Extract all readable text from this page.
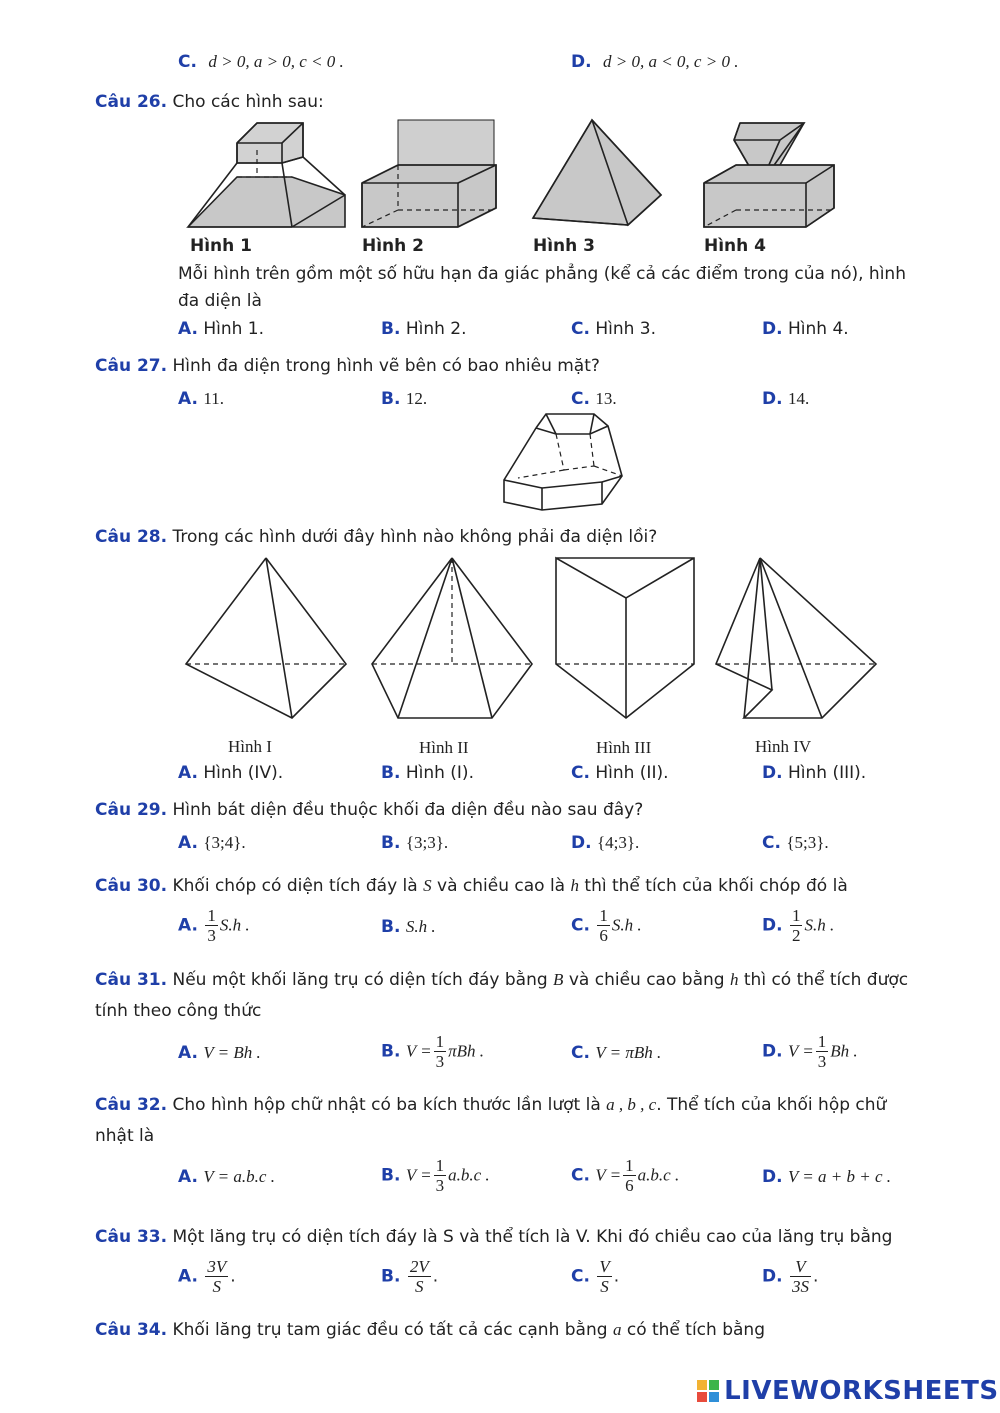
C. d > 0, a > 0, c < 0 .	D. d > 0, a < 0, c > 0 .
Câu 26. Cho các hình sau:
Hình 1	Hình 2	Hình 3	Hình 4
Mỗi hình trên gồm một số hữu hạn đa giác phẳng (kể cả các điểm trong của nó), hình
đa diện là
A. Hình 1.	B. Hình 2.	C. Hình 3.	D. Hình 4.
Câu 27. Hình đa diện trong hình vẽ bên có bao nhiêu mặt?
A. 11.	B. 12.	C. 13.	D. 14.
Câu 28. Trong các hình dưới đây hình nào không phải đa diện lồi?
Hình I	Hình II	Hình III	Hình IV
A. Hình (IV).	B. Hình (I).	C. Hình (II).	D. Hình (III).
Câu 29. Hình bát diện đều thuộc khối đa diện đều nào sau đây?
A. {3;4}.	B. {3;3}.	D. {4;3}.	C. {5;3}.
Câu 30. Khối chóp có diện tích đáy là S và chiều cao là h thì thể tích của khối chóp đó là
A. $\frac{1}{3} S.h$ .	B. S.h .	C. $\frac{1}{6} S.h$ .	D. $\frac{1}{2} S.h$ .
Câu 31. Nếu một khối lăng trụ có diện tích đáy bằng B và chiều cao bằng h thì có thể tích được
tính theo công thức
A. V = Bh .	B. $V = \frac{1}{3}$ πBh .	C. V = πBh .	D. $V = \frac{1}{3}$ Bh .
Câu 32. Cho hình hộp chữ nhật có ba kích thước lần lượt là a , b , c. Thể tích của khối hộp chữ
nhật là
A. V = a.b.c .	B. $V = \frac{1}{3} a.b.c$ .	C. $V = \frac{1}{6} a.b.c$ .	D. V = a + b + c .
Câu 33. Một lăng trụ có diện tích đáy là S và thể tích là V. Khi đó chiều cao của lăng trụ bằng
A. $\frac{3V}{S}$ .	B. $\frac{2V}{S}$ .	C. $\frac{V}{S}$ .	D. $\frac{V}{3S}$ .
Câu 34. Khối lăng trụ tam giác đều có tất cả các cạnh bằng a có thể tích bằng
LIVEWORKSHEETS
